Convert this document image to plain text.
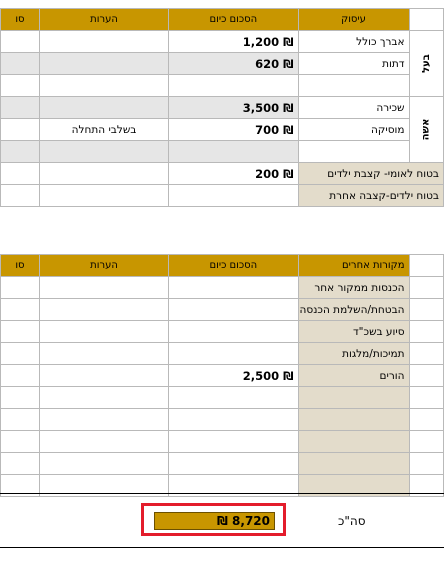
	עיסוק	הסכום כיום	הערות	סו
בעל	אברך כולל	₪ 1,200		
	דתות	₪ 620		

אשה	שכירה	₪ 3,500		
	מוסיקה	₪ 700	בשלבי התחלה	

בטוח לאומי- קצבת ילדים		₪ 200		
בטוח ילדים-קצבה אחרת				
	מקורות אחרים	הסכום כיום	הערות	סו
	הכנסות ממקור אחר			
	הבטחת/השלמת הכנסה			
	סיוע בשכ"ד			
	תמיכות/מלגות			
	הורים	₪ 2,500		

סה"כ
₪ 8,720
